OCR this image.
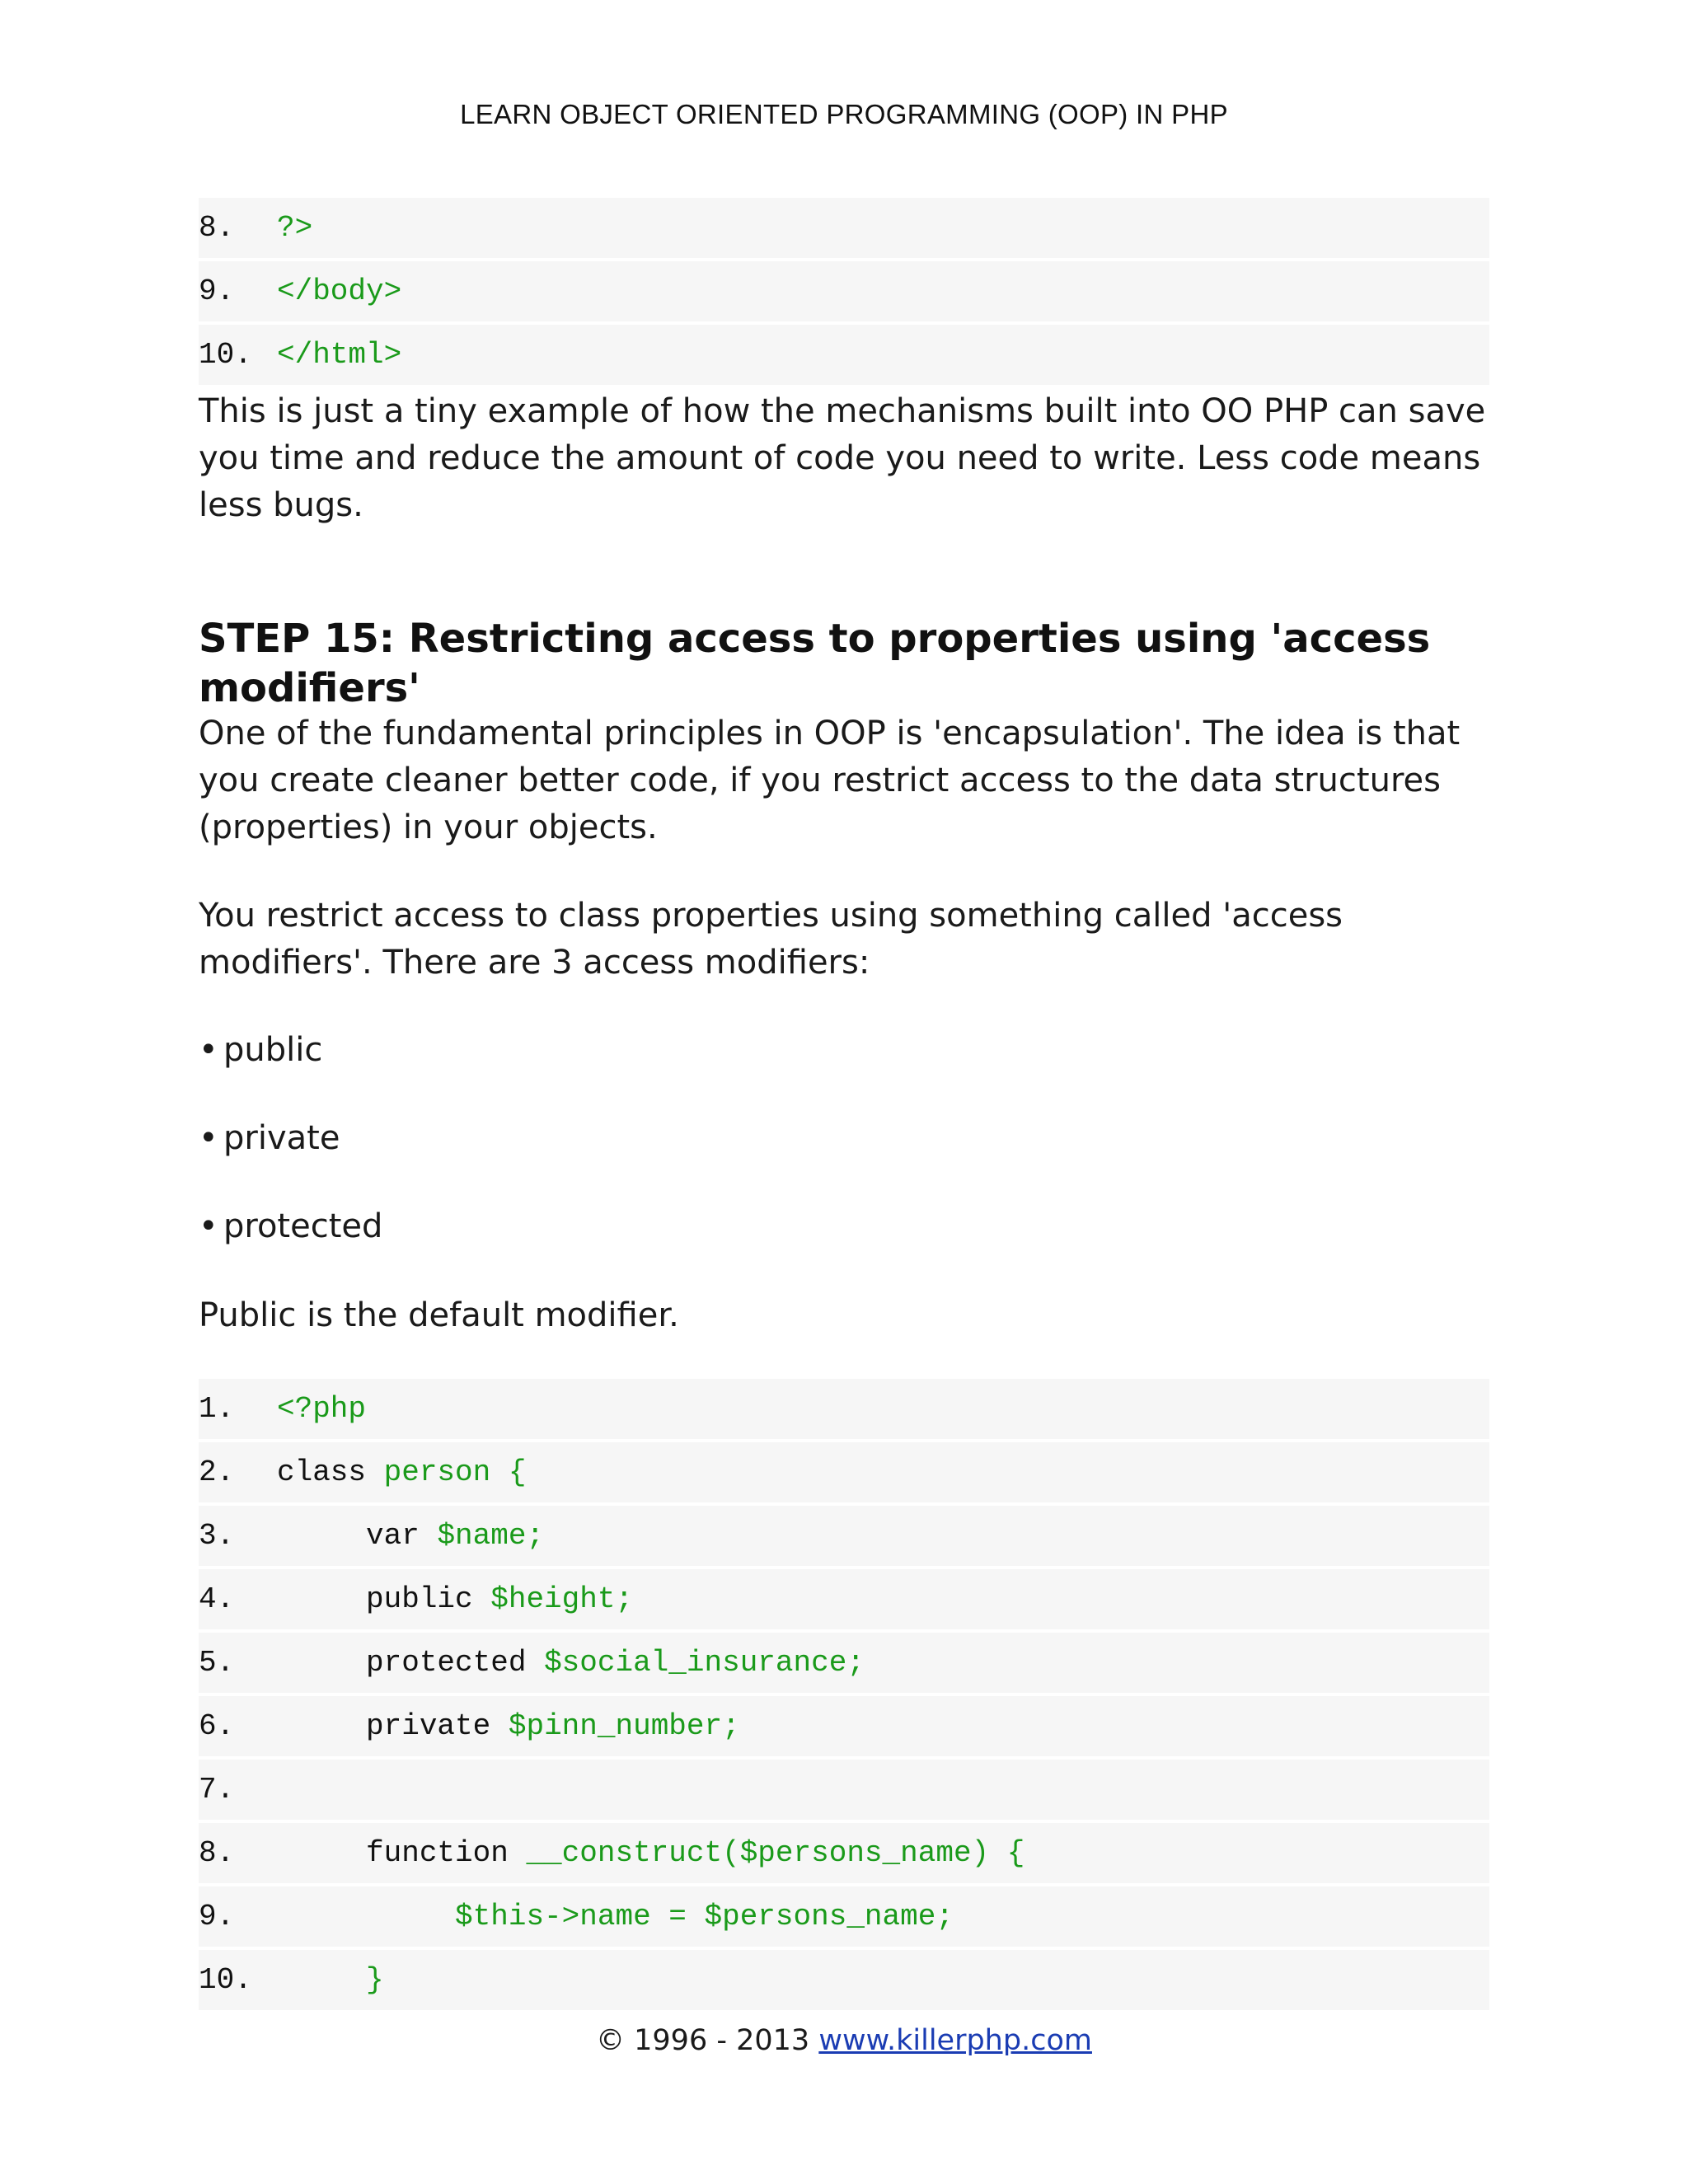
LEARN OBJECT ORIENTED PROGRAMMING (OOP) IN PHP
8.	?>
9.	</body>
10. </html>

This is just a tiny example of how the mechanisms built into OO PHP can save you time and reduce the amount of code you need to write. Less code means less bugs.

STEP 15: Restricting access to properties using 'access modifiers'

One of the fundamental principles in OOP is 'encapsulation'. The idea is that you create cleaner better code, if you restrict access to the data structures (properties) in your objects.

You restrict access to class properties using something called 'access modifiers'. There are 3 access modifiers:

• public

• private

• protected

Public is the default modifier.

1.	<?php
2.	class person {
3.	var $name;
4.	public $height;
5.	protected $social_insurance;
6.	private $pinn_number;
7.
8.	function __construct($persons_name) {
9.	$this->name = $persons_name;
10. }
© 1996 - 2013 www.killerphp.com
